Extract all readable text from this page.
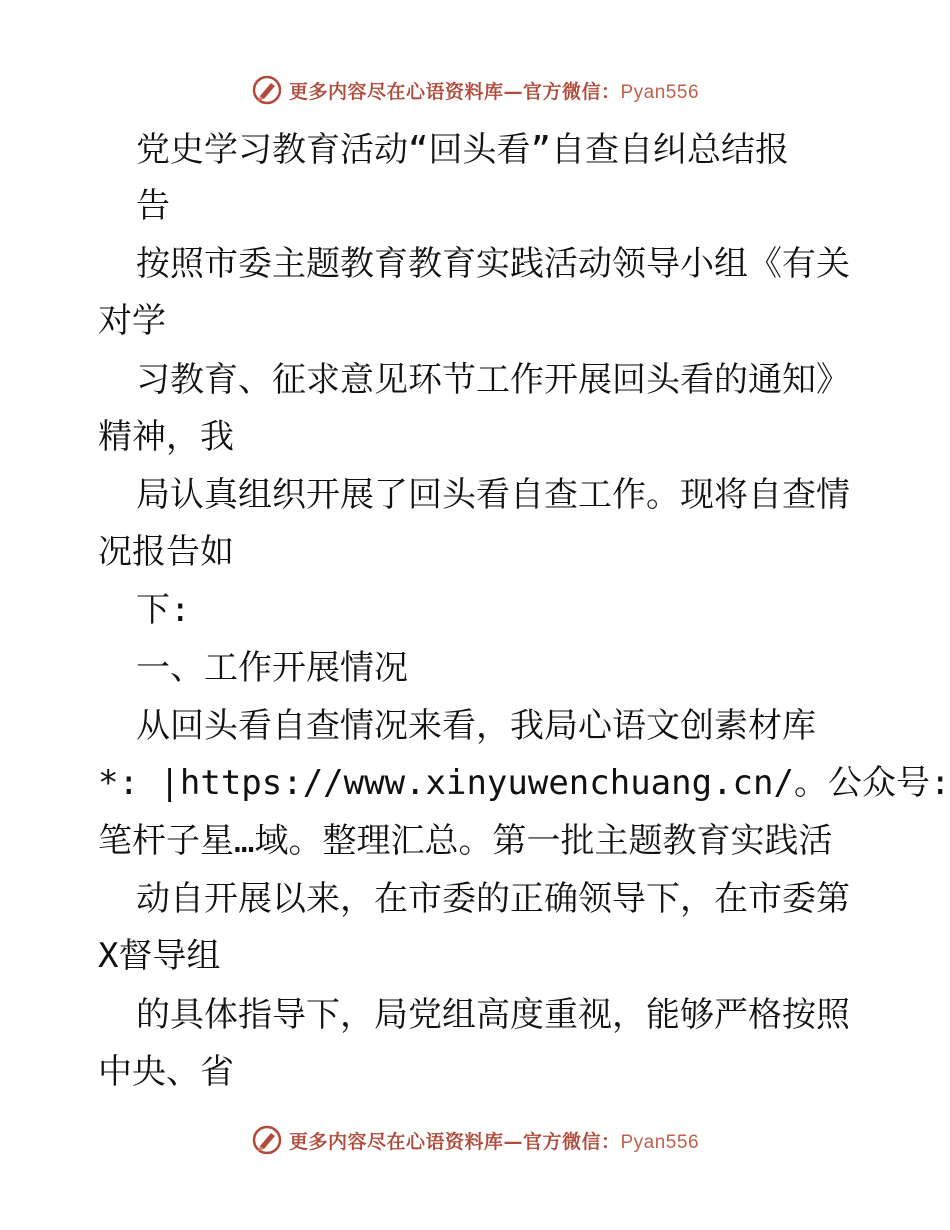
更多内容尽在心语资料库—官方微信：Pyan556
党史学习教育活动“回头看”自查自纠总结报
告
按照市委主题教育教育实践活动领导小组《有关
对学
习教育、征求意见环节工作开展回头看的通知》
精神，我
局认真组织开展了回头看自查工作。现将自查情
况报告如
下:
一、工作开展情况
从回头看自查情况来看，我局心语文创素材库
*: |https://www.xinyuwenchuang.cn/。公众号:
笔杆子星…域。整理汇总。第一批主题教育实践活
动自开展以来，在市委的正确领导下，在市委第
X督导组
的具体指导下，局党组高度重视，能够严格按照
中央、省
更多内容尽在心语资料库—官方微信：Pyan556
